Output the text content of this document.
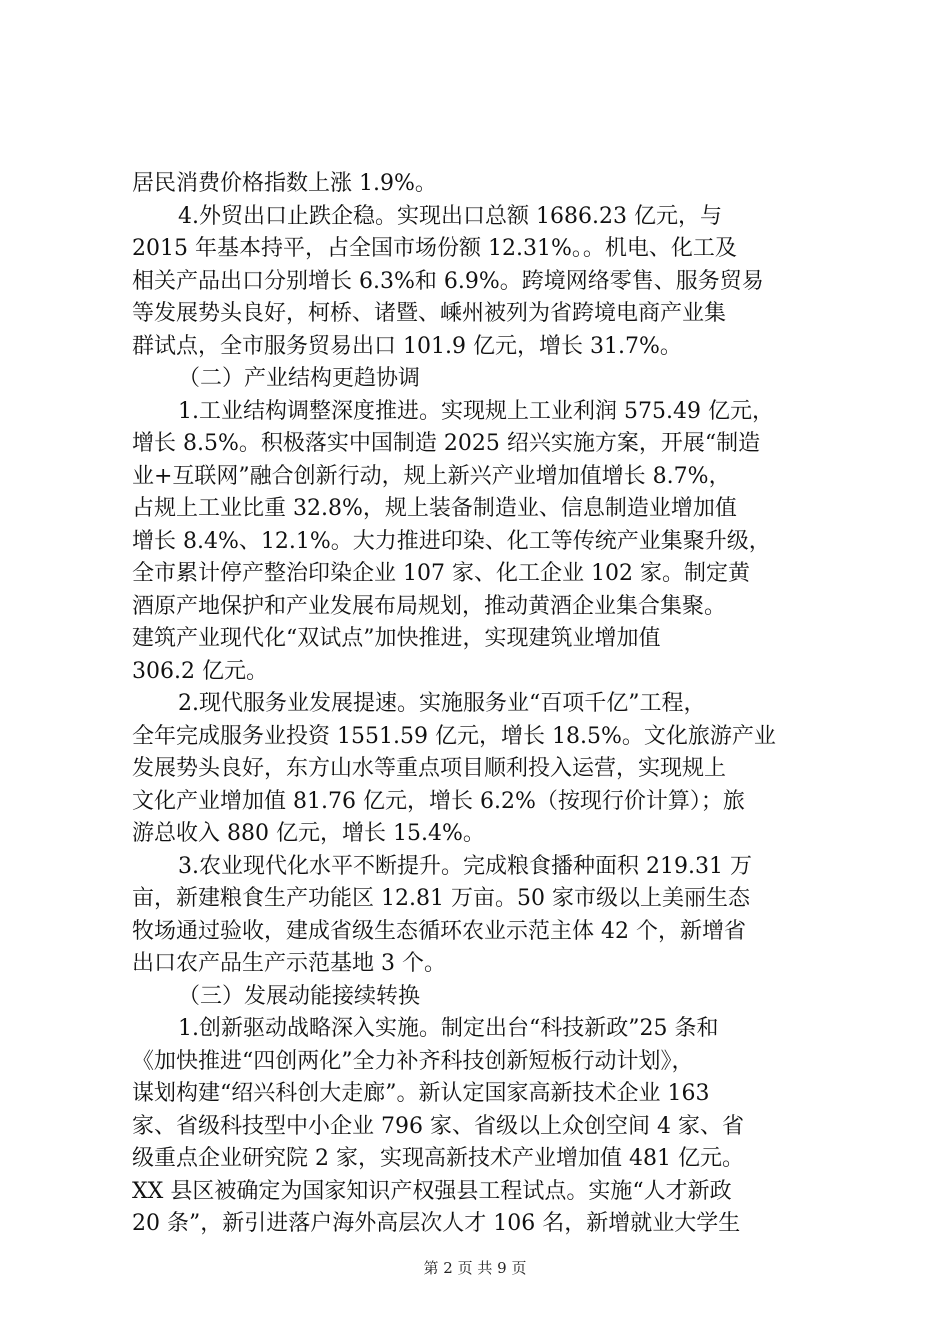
居民消费价格指数上涨 1.9%。
4.外贸出口止跌企稳。实现出口总额 1686.23 亿元，与
2015 年基本持平，占全国市场份额 12.31%。。机电、化工及
相关产品出口分别增长 6.3%和 6.9%。跨境网络零售、服务贸易
等发展势头良好，柯桥、诸暨、嵊州被列为省跨境电商产业集
群试点，全市服务贸易出口 101.9 亿元，增长 31.7%。
（二）产业结构更趋协调
1.工业结构调整深度推进。实现规上工业利润 575.49 亿元，
增长 8.5%。积极落实中国制造 2025 绍兴实施方案，开展“制造
业+互联网”融合创新行动，规上新兴产业增加值增长 8.7%，
占规上工业比重 32.8%，规上装备制造业、信息制造业增加值
增长 8.4%、12.1%。大力推进印染、化工等传统产业集聚升级，
全市累计停产整治印染企业 107 家、化工企业 102 家。制定黄
酒原产地保护和产业发展布局规划，推动黄酒企业集合集聚。
建筑产业现代化“双试点”加快推进，实现建筑业增加值
306.2 亿元。
2.现代服务业发展提速。实施服务业“百项千亿”工程，
全年完成服务业投资 1551.59 亿元，增长 18.5%。文化旅游产业
发展势头良好，东方山水等重点项目顺利投入运营，实现规上
文化产业增加值 81.76 亿元，增长 6.2%（按现行价计算）；旅
游总收入 880 亿元，增长 15.4%。
3.农业现代化水平不断提升。完成粮食播种面积 219.31 万
亩，新建粮食生产功能区 12.81 万亩。50 家市级以上美丽生态
牧场通过验收，建成省级生态循环农业示范主体 42 个，新增省
出口农产品生产示范基地 3 个。
（三）发展动能接续转换
1.创新驱动战略深入实施。制定出台“科技新政”25 条和
《加快推进“四创两化”全力补齐科技创新短板行动计划》，
谋划构建“绍兴科创大走廊”。新认定国家高新技术企业 163
家、省级科技型中小企业 796 家、省级以上众创空间 4 家、省
级重点企业研究院 2 家，实现高新技术产业增加值 481 亿元。
XX 县区被确定为国家知识产权强县工程试点。实施“人才新政
20 条”，新引进落户海外高层次人才 106 名，新增就业大学生
第 2 页 共 9 页
